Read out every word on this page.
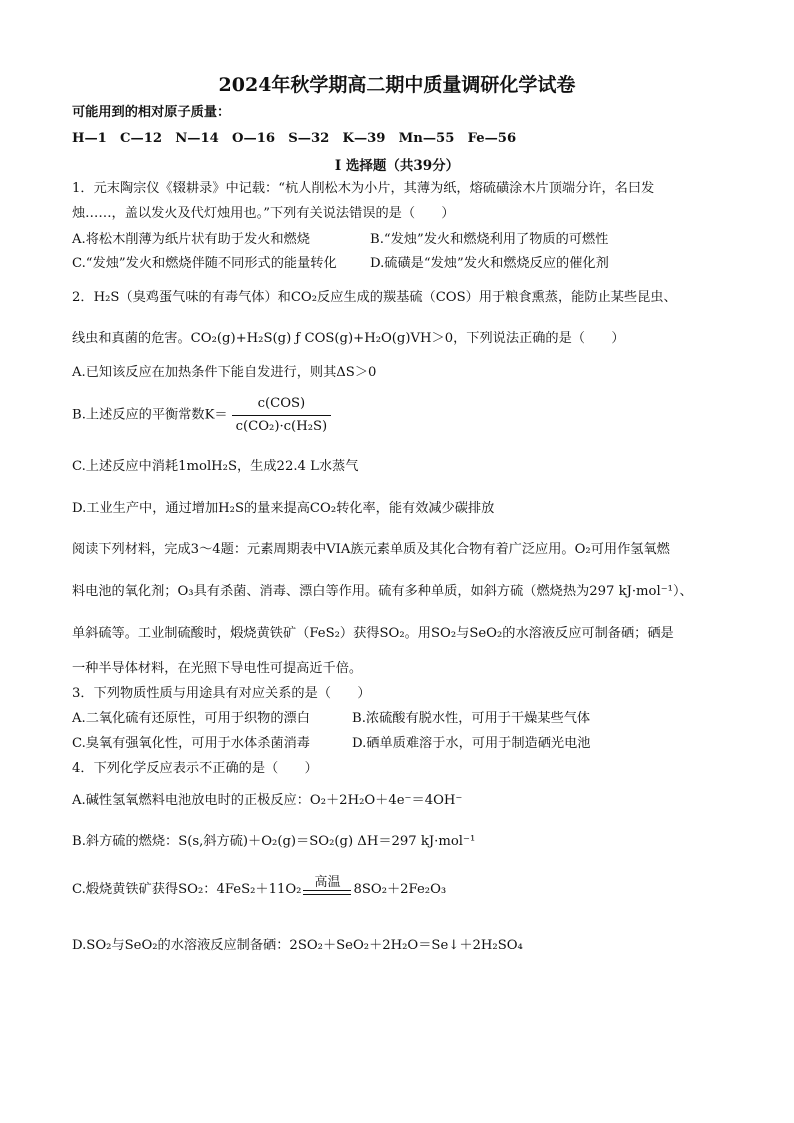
2024年秋学期高二期中质量调研化学试卷
可能用到的相对原子质量：
H—1　C—12　N—14　O—16　S—32　K—39　Mn—55　Fe—56
I 选择题（共39分）
1．元末陶宗仪《辍耕录》中记载：“杭人削松木为小片，其薄为纸，熔硫磺涂木片顶端分许，名曰发
烛……，盖以发火及代灯烛用也。”下列有关说法错误的是（　　）
A.将松木削薄为纸片状有助于发火和燃烧	B.“发烛”发火和燃烧利用了物质的可燃性
C.“发烛”发火和燃烧伴随不同形式的能量转化	D.硫磺是“发烛”发火和燃烧反应的催化剂
2．H₂S（臭鸡蛋气味的有毒气体）和CO₂反应生成的羰基硫（COS）用于粮食熏蒸，能防止某些昆虫、
线虫和真菌的危害。CO₂(g)+H₂S(g) ƒ COS(g)+H₂O(g)VH＞0，下列说法正确的是（　　）
A.已知该反应在加热条件下能自发进行，则其ΔS＞0
B.上述反应的平衡常数$K= \frac{\text{c(COS)}}{\text{c(CO₂)·c(H₂S)}}$
C.上述反应中消耗1molH₂S，生成22.4 L水蒸气
D.工业生产中，通过增加H₂S的量来提高CO₂转化率，能有效减少碳排放
阅读下列材料，完成3～4题：元素周期表中VIA族元素单质及其化合物有着广泛应用。O₂可用作氢氧燃
料电池的氧化剂；O₃具有杀菌、消毒、漂白等作用。硫有多种单质，如斜方硫（燃烧热为297 kJ·mol⁻¹）、
单斜硫等。工业制硫酸时，煅烧黄铁矿（FeS₂）获得SO₂。用SO₂与SeO₂的水溶液反应可制备硒；硒是
一种半导体材料，在光照下导电性可提高近千倍。
3．下列物质性质与用途具有对应关系的是（　　）
A.二氧化硫有还原性，可用于织物的漂白	B.浓硫酸有脱水性，可用于干燥某些气体
C.臭氧有强氧化性，可用于水体杀菌消毒	D.硒单质难溶于水，可用于制造硒光电池
4．下列化学反应表示不正确的是（　　）
A.碱性氢氧燃料电池放电时的正极反应：O₂＋2H₂O＋4e⁻＝4OH⁻
B.斜方硫的燃烧：S(s,斜方硫)＋O₂(g)＝SO₂(g) ΔH＝297 kJ·mol⁻¹
C.煅烧黄铁矿获得SO₂：4FeS₂＋11O₂ 高温 8SO₂＋2Fe₂O₃
D.SO₂与SeO₂的水溶液反应制备硒：2SO₂＋SeO₂＋2H₂O＝Se↓＋2H₂SO₄
